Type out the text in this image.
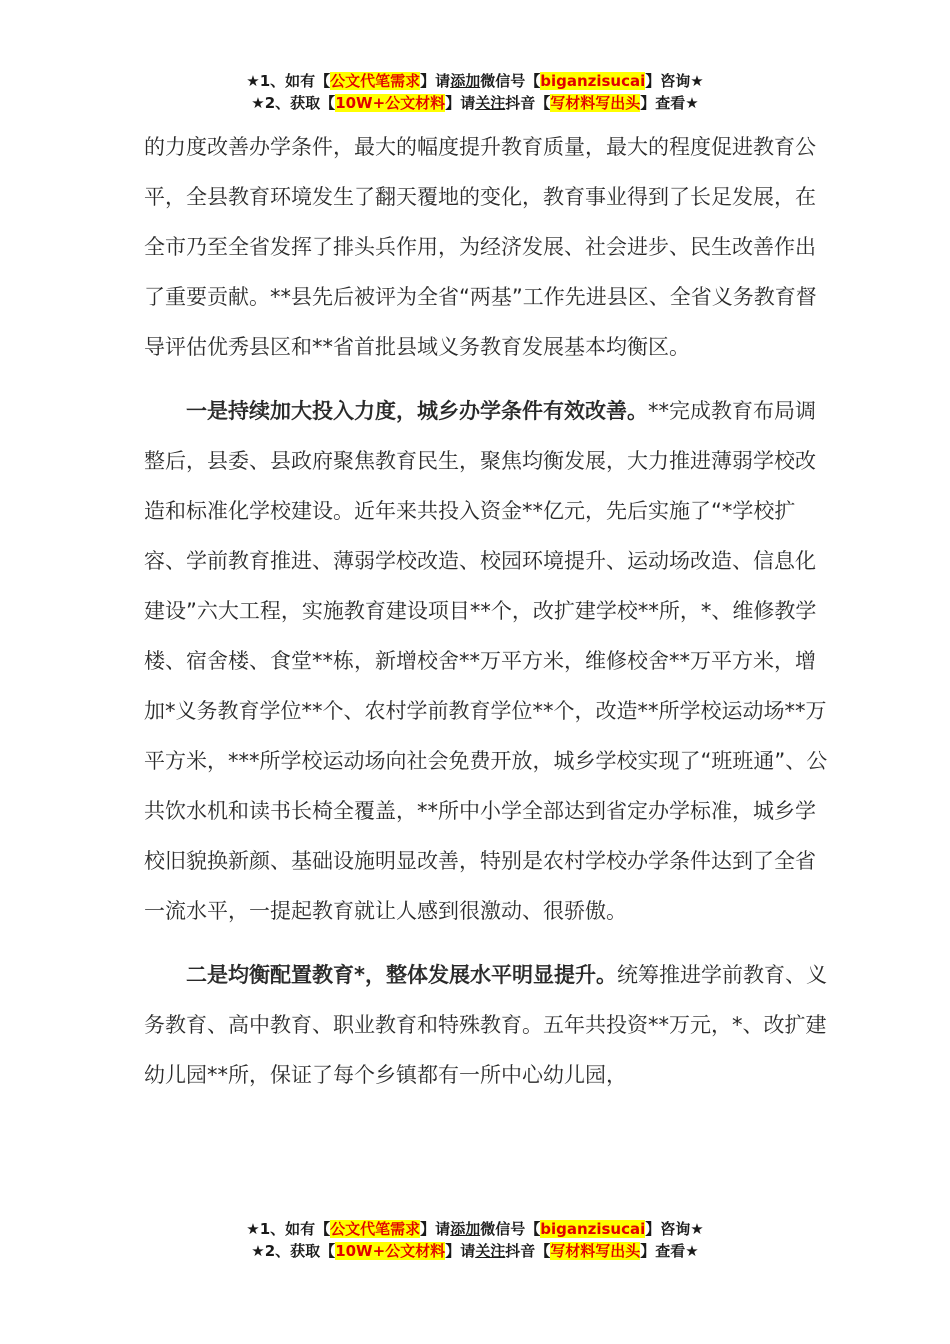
★1、如有【公文代笔需求】请添加微信号【biganzisucai】咨询★
★2、获取【10W+公文材料】请关注抖音【写材料写出头】查看★

的力度改善办学条件，最大的幅度提升教育质量，最大的程度促进教育公平，全县教育环境发生了翻天覆地的变化，教育事业得到了长足发展，在全市乃至全省发挥了排头兵作用，为经济发展、社会进步、民生改善作出了重要贡献。**县先后被评为全省“两基”工作先进县区、全省义务教育督导评估优秀县区和**省首批县域义务教育发展基本均衡区。

一是持续加大投入力度，城乡办学条件有效改善。**完成教育布局调整后，县委、县政府聚焦教育民生，聚焦均衡发展，大力推进薄弱学校改造和标准化学校建设。近年来共投入资金**亿元，先后实施了“*学校扩容、学前教育推进、薄弱学校改造、校园环境提升、运动场改造、信息化建设”六大工程，实施教育建设项目**个，改扩建学校**所，*、维修教学楼、宿舍楼、食堂**栋，新增校舍**万平方米，维修校舍**万平方米，增加*义务教育学位**个、农村学前教育学位**个，改造**所学校运动场**万平方米，***所学校运动场向社会免费开放，城乡学校实现了“班班通”、公共饮水机和读书长椅全覆盖，**所中小学全部达到省定办学标准，城乡学校旧貌换新颜、基础设施明显改善，特别是农村学校办学条件达到了全省一流水平，一提起教育就让人感到很激动、很骄傲。

二是均衡配置教育*，整体发展水平明显提升。统筹推进学前教育、义务教育、高中教育、职业教育和特殊教育。五年共投资**万元，*、改扩建幼儿园**所，保证了每个乡镇都有一所中心幼儿园，

★1、如有【公文代笔需求】请添加微信号【biganzisucai】咨询★
★2、获取【10W+公文材料】请关注抖音【写材料写出头】查看★
